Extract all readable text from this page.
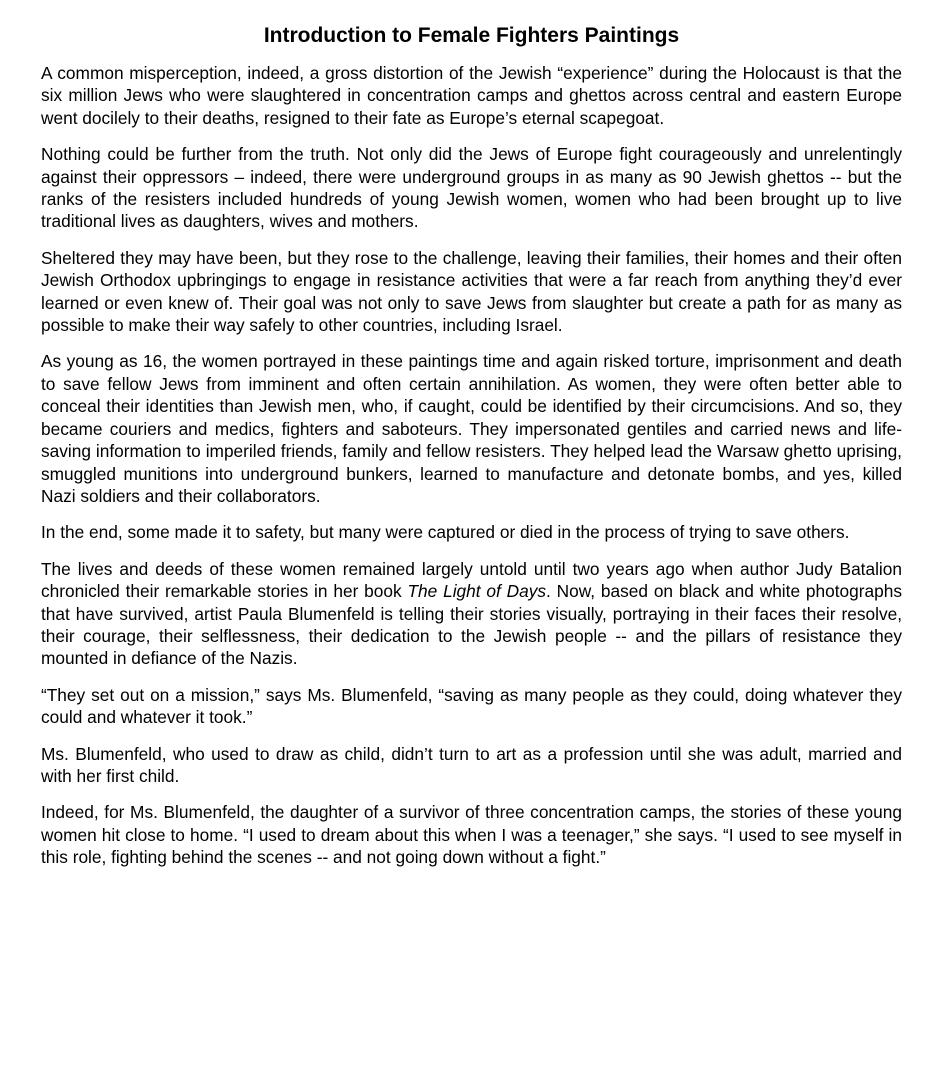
Introduction to Female Fighters Paintings

A common misperception, indeed, a gross distortion of the Jewish “experience” during the Holocaust is that the six million Jews who were slaughtered in concentration camps and ghettos across central and eastern Europe went docilely to their deaths, resigned to their fate as Europe’s eternal scapegoat.

Nothing could be further from the truth. Not only did the Jews of Europe fight courageously and unrelentingly against their oppressors – indeed, there were underground groups in as many as 90 Jewish ghettos -- but the ranks of the resisters included hundreds of young Jewish women, women who had been brought up to live traditional lives as daughters, wives and mothers.

Sheltered they may have been, but they rose to the challenge, leaving their families, their homes and their often Jewish Orthodox upbringings to engage in resistance activities that were a far reach from anything they’d ever learned or even knew of. Their goal was not only to save Jews from slaughter but create a path for as many as possible to make their way safely to other countries, including Israel.

As young as 16, the women portrayed in these paintings time and again risked torture, imprisonment and death to save fellow Jews from imminent and often certain annihilation. As women, they were often better able to conceal their identities than Jewish men, who, if caught, could be identified by their circumcisions. And so, they became couriers and medics, fighters and saboteurs. They impersonated gentiles and carried news and life-saving information to imperiled friends, family and fellow resisters. They helped lead the Warsaw ghetto uprising, smuggled munitions into underground bunkers, learned to manufacture and detonate bombs, and yes, killed Nazi soldiers and their collaborators.

In the end, some made it to safety, but many were captured or died in the process of trying to save others.

The lives and deeds of these women remained largely untold until two years ago when author Judy Batalion chronicled their remarkable stories in her book The Light of Days. Now, based on black and white photographs that have survived, artist Paula Blumenfeld is telling their stories visually, portraying in their faces their resolve, their courage, their selflessness, their dedication to the Jewish people -- and the pillars of resistance they mounted in defiance of the Nazis.

“They set out on a mission,” says Ms. Blumenfeld, “saving as many people as they could, doing whatever they could and whatever it took.”

Ms. Blumenfeld, who used to draw as child, didn’t turn to art as a profession until she was adult, married and with her first child.

Indeed, for Ms. Blumenfeld, the daughter of a survivor of three concentration camps, the stories of these young women hit close to home. “I used to dream about this when I was a teenager,” she says. “I used to see myself in this role, fighting behind the scenes -- and not going down without a fight.”
